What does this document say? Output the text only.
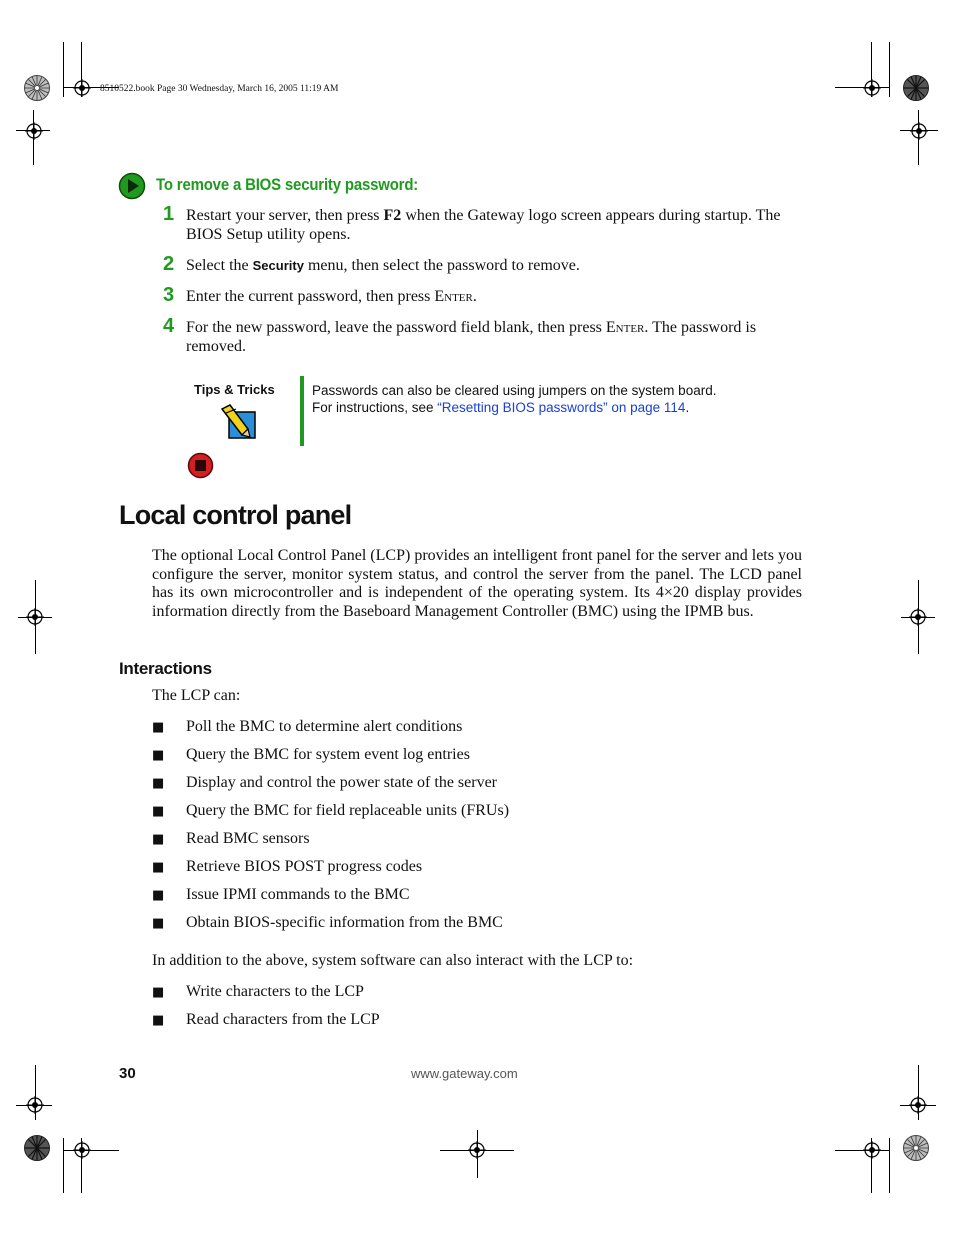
8510522.book Page 30 Wednesday, March 16, 2005 11:19 AM
To remove a BIOS security password:
1 Restart your server, then press F2 when the Gateway logo screen appears during startup. The BIOS Setup utility opens.
2 Select the Security menu, then select the password to remove.
3 Enter the current password, then press Enter.
4 For the new password, leave the password field blank, then press Enter. The password is removed.
Tips & Tricks	Passwords can also be cleared using jumpers on the system board.
For instructions, see “Resetting BIOS passwords” on page 114.
Local control panel
The optional Local Control Panel (LCP) provides an intelligent front panel for the server and lets you configure the server, monitor system status, and control the server from the panel. The LCD panel has its own microcontroller and is independent of the operating system. Its 4×20 display provides information directly from the Baseboard Management Controller (BMC) using the IPMB bus.
Interactions
The LCP can:
■ Poll the BMC to determine alert conditions
■ Query the BMC for system event log entries
■ Display and control the power state of the server
■ Query the BMC for field replaceable units (FRUs)
■ Read BMC sensors
■ Retrieve BIOS POST progress codes
■ Issue IPMI commands to the BMC
■ Obtain BIOS-specific information from the BMC
In addition to the above, system software can also interact with the LCP to:
■ Write characters to the LCP
■ Read characters from the LCP
30	www.gateway.com
